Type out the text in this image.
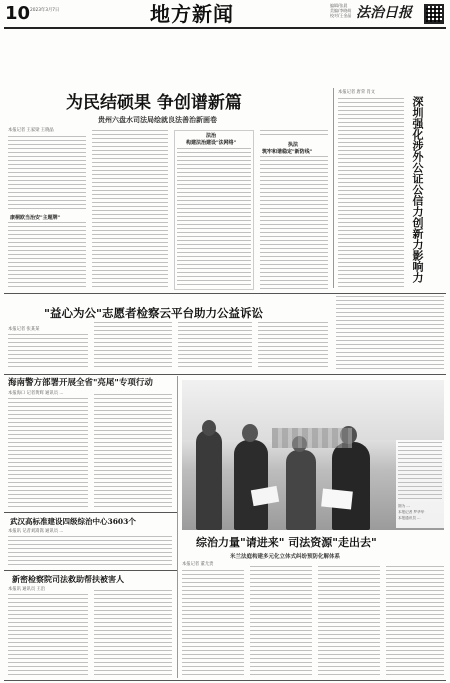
10 2023年3月7日	地方新闻	编辑/张晨
美编/李晓萌
校对/王金晶 法治日报
为民结硕果 争创谱新篇
贵州六盘水司法局绘就良法善治新画卷
本报记者 王家梁 王晓晶
康桐欧当治安"主题牌"
法治
构建法治建设"法网络"	执法
筑牢和谐稳定"新防线"
本报记者 唐荣 肖文
深圳强化涉外公证公信力创新力影响力
"益心为公"志愿者检察云平台助力公益诉讼
本报记者 张某某
海南警方部署开展全省"亮尾"专项行动
本报海口 记者黄辉 通讯员 ...
武汉高标准建设四级综治中心3603个
本报讯 记者刘嵩嵩 通讯员 ...
新密检察院司法救助帮扶被害人
本报讯 通讯员 王沿
图为 ...
本报记者 罗华华
本报通讯员 ...
综治力量"请进来" 司法资源"走出去"
米兰法庭构建多元化立体式纠纷预防化解体系
本报记者 董尤贵
